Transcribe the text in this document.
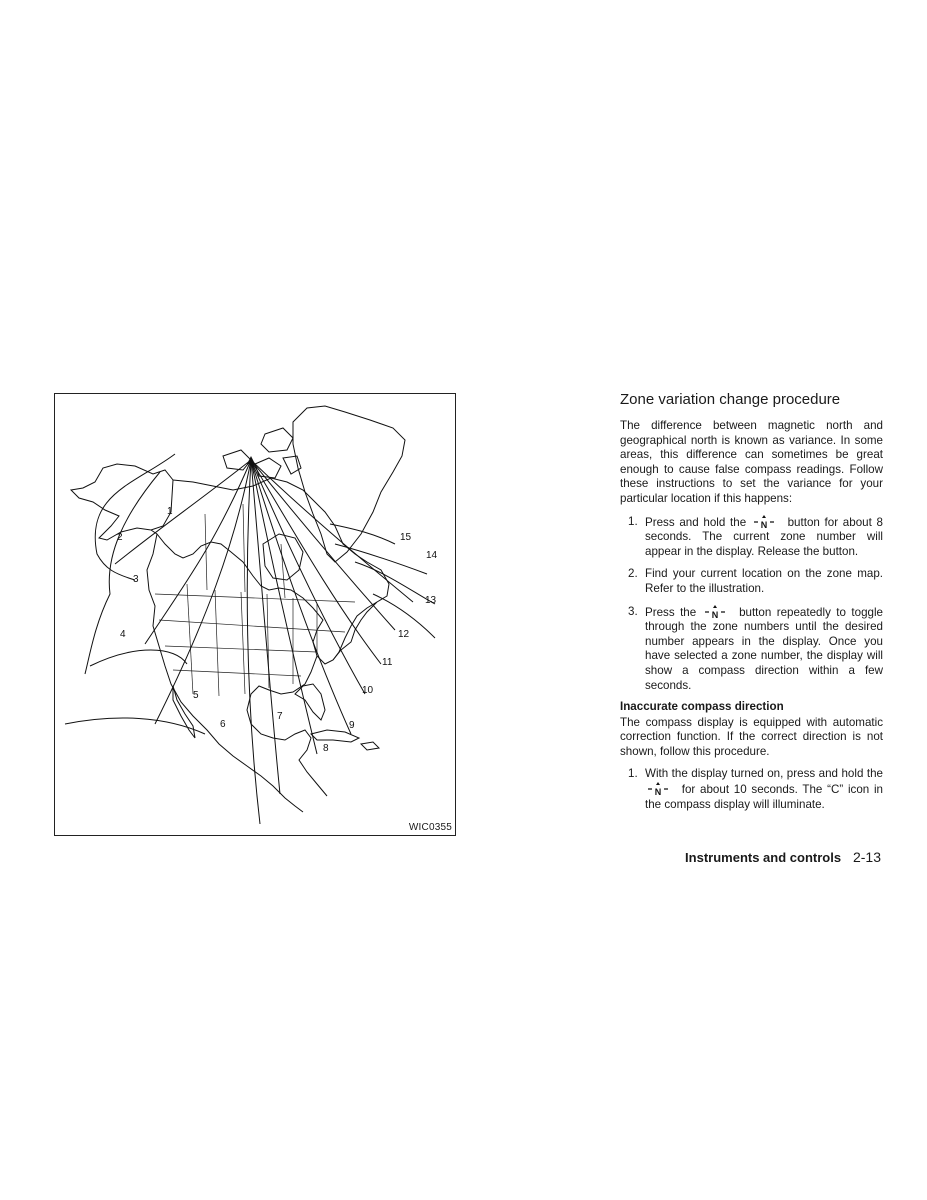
1
2
3
4
5
6
7
8
9
10
11
12
13
14
15
WIC0355
Zone variation change procedure

The difference between magnetic north and geographical north is known as variance. In some areas, this difference can sometimes be great enough to cause false compass readings. Follow these instructions to set the variance for your particular location if this happens:

1. Press and hold the N button for about 8 seconds. The current zone number will appear in the display. Release the button.
2. Find your current location on the zone map. Refer to the illustration.
3. Press the N button repeatedly to toggle through the zone numbers until the desired number appears in the display. Once you have selected a zone number, the display will show a compass direction within a few seconds.
Inaccurate compass direction

The compass display is equipped with automatic correction function. If the correct direction is not shown, follow this procedure.

1. With the display turned on, press and hold the
N for about 10 seconds. The “C” icon in the compass display will illuminate.
Instruments and controls 2-13
